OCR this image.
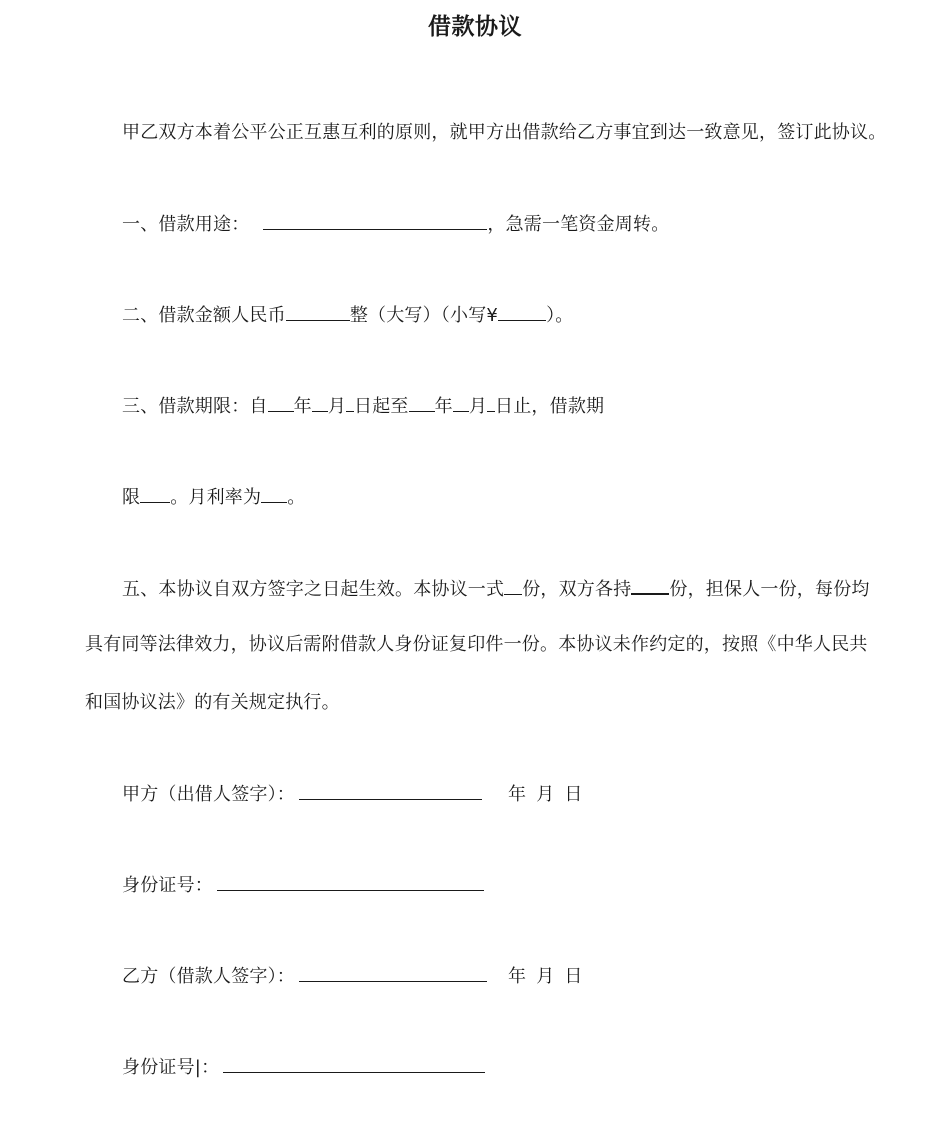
借款协议
甲乙双方本着公平公正互惠互利的原则，就甲方出借款给乙方事宜到达一致意见，签订此协议。
一、借款用途：	，急需一笔资金周转。
二、借款金额人民币	整（大写）（小写¥	）。
三、借款期限：自 年 月 日起至 年 月 日止，借款期
限 。月利率为 。
五、本协议自双方签字之日起生效。本协议一式 份，双方各持 份，担保人一份，每份均
具有同等法律效力，协议后需附借款人身份证复印件一份。本协议未作约定的，按照《中华人民共
和国协议法》的有关规定执行。
甲方（出借人签字）：	年 月 日
身份证号：
乙方（借款人签字）：	年 月 日
身份证号|：
